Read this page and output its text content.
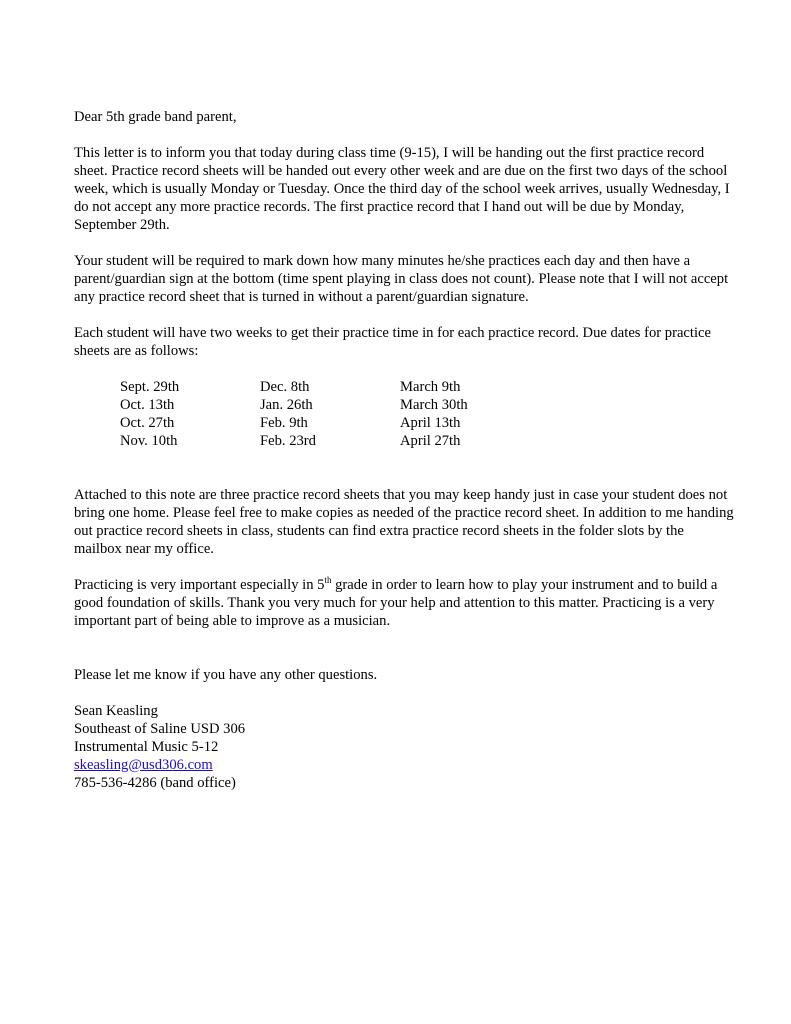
Dear 5th grade band parent,

This letter is to inform you that today during class time (9-15), I will be handing out the first practice record sheet. Practice record sheets will be handed out every other week and are due on the first two days of the school week, which is usually Monday or Tuesday. Once the third day of the school week arrives, usually Wednesday, I do not accept any more practice records. The first practice record that I hand out will be due by Monday, September 29th.

Your student will be required to mark down how many minutes he/she practices each day and then have a parent/guardian sign at the bottom (time spent playing in class does not count). Please note that I will not accept any practice record sheet that is turned in without a parent/guardian signature.

Each student will have two weeks to get their practice time in for each practice record. Due dates for practice sheets are as follows:

Sept. 29th	Dec. 8th	March 9th
Oct. 13th	Jan. 26th	March 30th
Oct. 27th	Feb. 9th	April 13th
Nov. 10th	Feb. 23rd	April 27th

Attached to this note are three practice record sheets that you may keep handy just in case your student does not bring one home. Please feel free to make copies as needed of the practice record sheet. In addition to me handing out practice record sheets in class, students can find extra practice record sheets in the folder slots by the mailbox near my office.

Practicing is very important especially in 5th grade in order to learn how to play your instrument and to build a good foundation of skills. Thank you very much for your help and attention to this matter. Practicing is a very important part of being able to improve as a musician.

Please let me know if you have any other questions.

Sean Keasling

Southeast of Saline USD 306

Instrumental Music 5-12

skeasling@usd306.com

785-536-4286 (band office)
